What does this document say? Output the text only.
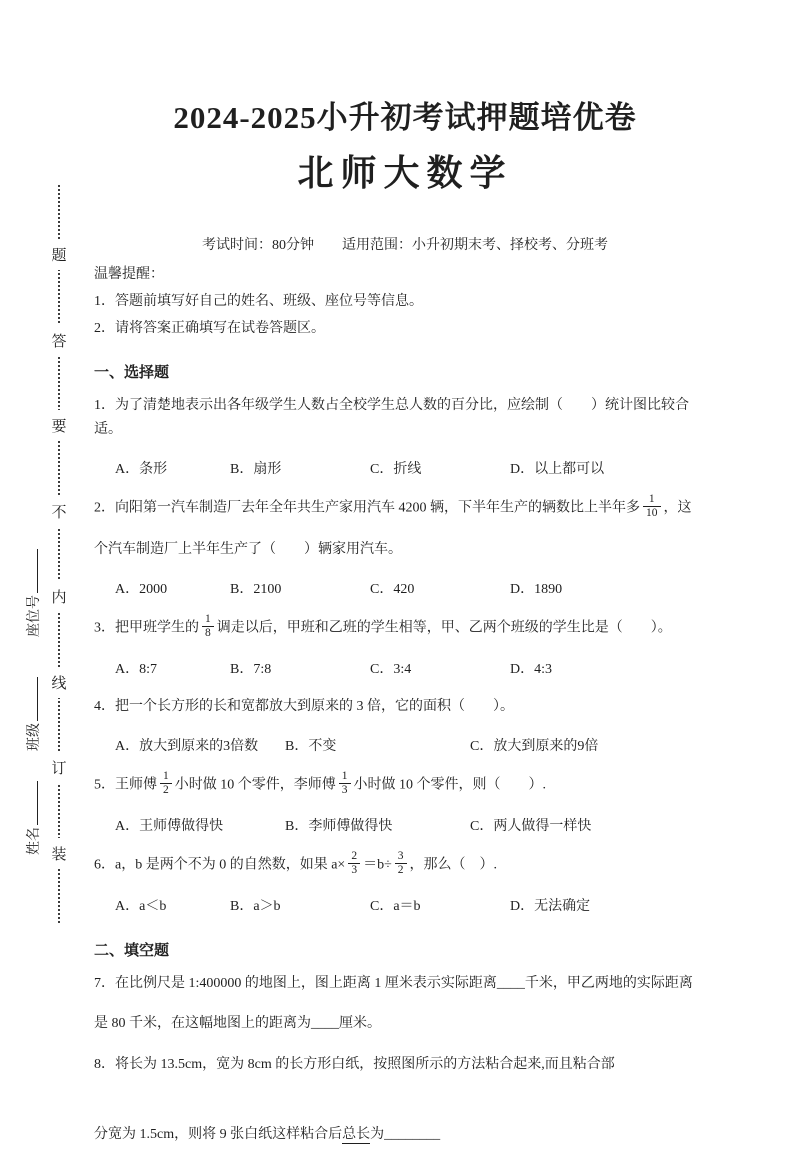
座位号
班级
姓名
题
答
要
不
内
线
订
装
2024-2025小升初考试押题培优卷
北师大数学

考试时间：80分钟　　适用范围：小升初期末考、择校考、分班考

温馨提醒：

1．答题前填写好自己的姓名、班级、座位号等信息。

2．请将答案正确填写在试卷答题区。

一、选择题
1．为了清楚地表示出各年级学生人数占全校学生总人数的百分比，应绘制（　　）统计图比较合适。
A．条形	B．扇形	C．折线	D．以上都可以
2．向阳第一汽车制造厂去年全年共生产家用汽车 4200 辆，下半年生产的辆数比上半年多 $\frac{1}{10}$ ，这
个汽车制造厂上半年生产了（　　）辆家用汽车。
A．2000	B．2100	C．420	D．1890
3．把甲班学生的 $\frac{1}{8}$ 调走以后，甲班和乙班的学生相等，甲、乙两个班级的学生比是（　　）。
A．8:7	B．7:8	C．3:4	D．4:3
4．把一个长方形的长和宽都放大到原来的 3 倍，它的面积（　　）。
A．放大到原来的3倍数	B．不变	C．放大到原来的9倍
5．王师傅 $\frac{1}{2}$ 小时做 10 个零件，李师傅 $\frac{1}{3}$ 小时做 10 个零件，则（　　）.
A．王师傅做得快	B．李师傅做得快	C．两人做得一样快
6．a，b 是两个不为 0 的自然数，如果 $a\times \frac{2}{3} =b\div \frac{3}{2}$ ，那么（　）.
A．a＜b	B．a＞b	C．a＝b	D．无法确定
二、填空题
7．在比例尺是 1:400000 的地图上，图上距离 1 厘米表示实际距离____千米，甲乙两地的实际距离
是 80 千米，在这幅地图上的距离为____厘米。
8．将长为 13.5cm，宽为 8cm 的长方形白纸，按照图所示的方法粘合起来,而且粘合部
分宽为 1.5cm，则将 9 张白纸这样粘合后总长为________
